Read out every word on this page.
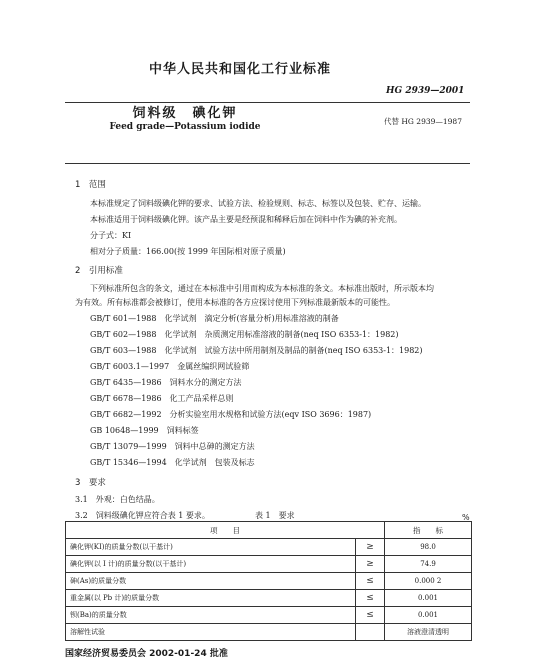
中华人民共和国化工行业标准
HG 2939—2001
饲料级　碘化钾
Feed grade—Potassium iodide
代替 HG 2939—1987
1　范围
本标准规定了饲料级碘化钾的要求、试验方法、检验规则、标志、标签以及包装、贮存、运输。
本标准适用于饲料级碘化钾。该产品主要是经预混和稀释后加在饲料中作为碘的补充剂。
分子式：KI
相对分子质量：166.00(按 1999 年国际相对原子质量)
2　引用标准
下列标准所包含的条文，通过在本标准中引用而构成为本标准的条文。本标准出版时，所示版本均
为有效。所有标准都会被修订，使用本标准的各方应探讨使用下列标准最新版本的可能性。
GB/T 601—1988　化学试剂　滴定分析(容量分析)用标准溶液的制备
GB/T 602—1988　化学试剂　杂质测定用标准溶液的制备(neq ISO 6353-1：1982)
GB/T 603—1988　化学试剂　试验方法中所用制剂及制品的制备(neq ISO 6353-1：1982)
GB/T 6003.1—1997　金属丝编织网试验筛
GB/T 6435—1986　饲料水分的测定方法
GB/T 6678—1986　化工产品采样总则
GB/T 6682—1992　分析实验室用水规格和试验方法(eqv ISO 3696：1987)
GB 10648—1999　饲料标签
GB/T 13079—1999　饲料中总砷的测定方法
GB/T 15346—1994　化学试剂　包装及标志
3　要求
3.1　外观：白色结晶。
3.2　饲料级碘化钾应符合表 1 要求。	表 1　要求	%
项　　目		指　　标
碘化钾(KI)的质量分数(以干基计)	≥	98.0
碘化钾(以 I 计)的质量分数(以干基计)	≥	74.9
砷(As)的质量分数	≤	0.000 2
重金属(以 Pb 计)的质量分数	≤	0.001
钡(Ba)的质量分数	≤	0.001
溶解性试验		溶液澄清透明
国家经济贸易委员会 2002-01-24 批准
